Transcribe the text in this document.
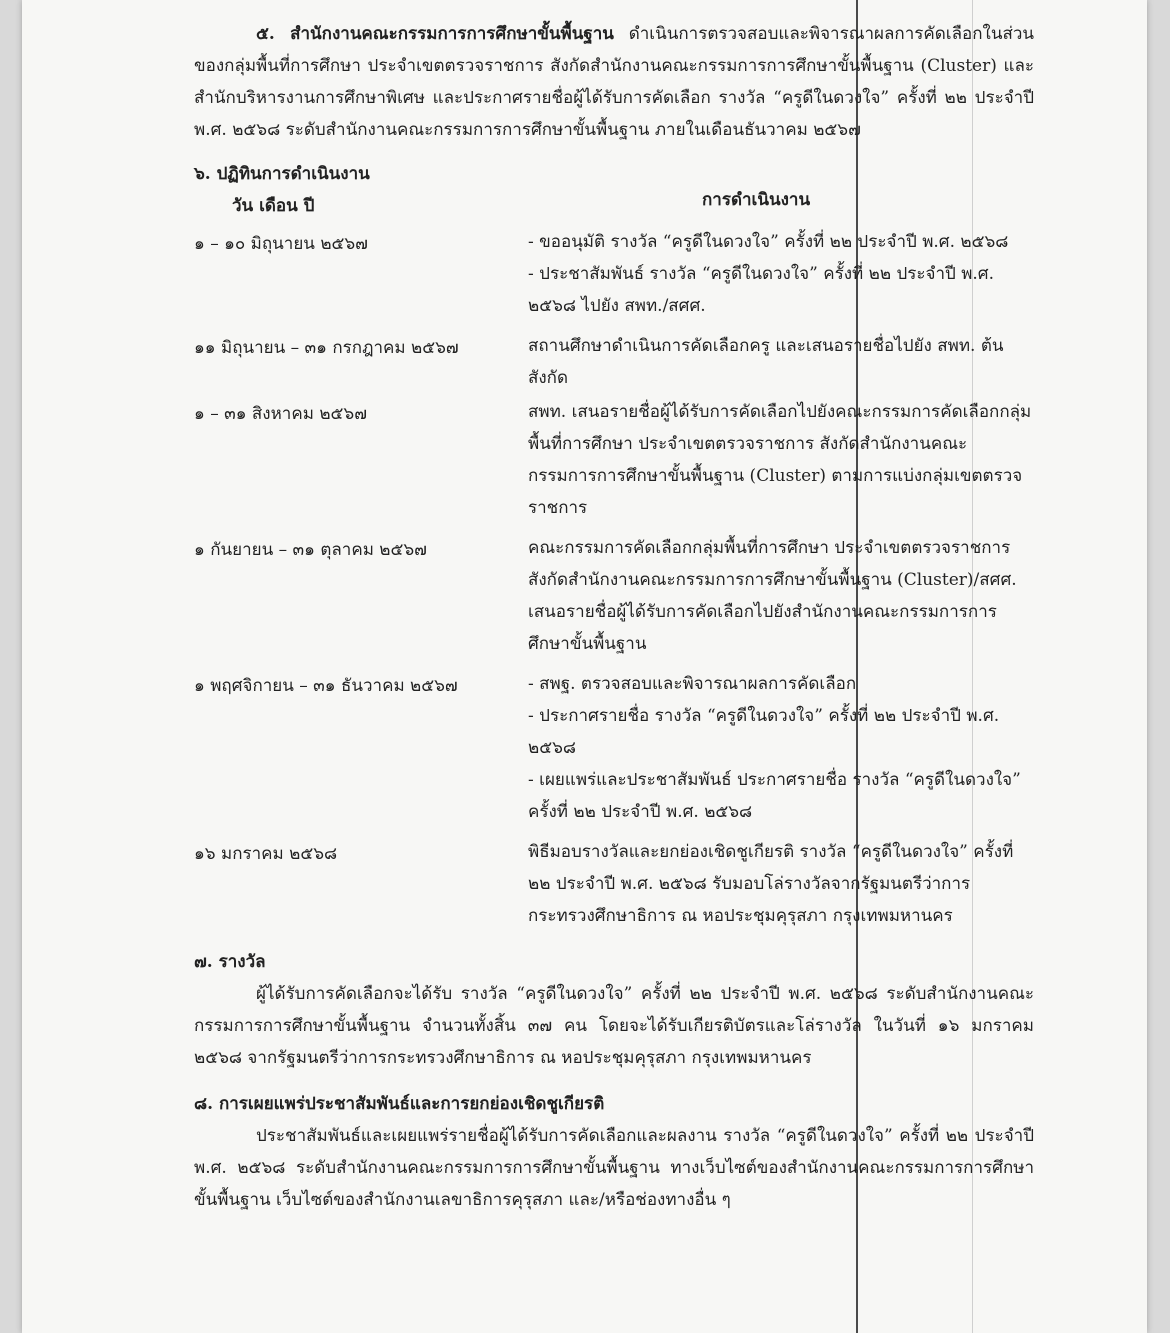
๕. สำนักงานคณะกรรมการการศึกษาขั้นพื้นฐาน ดำเนินการตรวจสอบและพิจารณาผลการคัดเลือกในส่วนของกลุ่มพื้นที่การศึกษา ประจำเขตตรวจราชการ สังกัดสำนักงานคณะกรรมการการศึกษาขั้นพื้นฐาน (Cluster) และสำนักบริหารงานการศึกษาพิเศษ และประกาศรายชื่อผู้ได้รับการคัดเลือก รางวัล “ครูดีในดวงใจ” ครั้งที่ ๒๒ ประจำปี พ.ศ. ๒๕๖๘ ระดับสำนักงานคณะกรรมการการศึกษาขั้นพื้นฐาน ภายในเดือนธันวาคม ๒๕๖๗

๖. ปฏิทินการดำเนินงาน
วัน เดือน ปี	การดำเนินงาน
๑ – ๑๐ มิถุนายน ๒๕๖๗	- ขออนุมัติ รางวัล “ครูดีในดวงใจ” ครั้งที่ ๒๒ ประจำปี พ.ศ. ๒๕๖๘
- ประชาสัมพันธ์ รางวัล “ครูดีในดวงใจ” ครั้งที่ ๒๒ ประจำปี พ.ศ. ๒๕๖๘ ไปยัง สพท./สศศ.
๑๑ มิถุนายน – ๓๑ กรกฎาคม ๒๕๖๗	สถานศึกษาดำเนินการคัดเลือกครู และเสนอรายชื่อไปยัง สพท. ต้นสังกัด
๑ – ๓๑ สิงหาคม ๒๕๖๗	สพท. เสนอรายชื่อผู้ได้รับการคัดเลือกไปยังคณะกรรมการคัดเลือกกลุ่มพื้นที่การศึกษา ประจำเขตตรวจราชการ สังกัดสำนักงานคณะกรรมการการศึกษาขั้นพื้นฐาน (Cluster) ตามการแบ่งกลุ่มเขตตรวจราชการ
๑ กันยายน – ๓๑ ตุลาคม ๒๕๖๗	คณะกรรมการคัดเลือกกลุ่มพื้นที่การศึกษา ประจำเขตตรวจราชการ สังกัดสำนักงานคณะกรรมการการศึกษาขั้นพื้นฐาน (Cluster)/สศศ. เสนอรายชื่อผู้ได้รับการคัดเลือกไปยังสำนักงานคณะกรรมการการศึกษาขั้นพื้นฐาน
๑ พฤศจิกายน – ๓๑ ธันวาคม ๒๕๖๗	- สพฐ. ตรวจสอบและพิจารณาผลการคัดเลือก
- ประกาศรายชื่อ รางวัล “ครูดีในดวงใจ” ครั้งที่ ๒๒ ประจำปี พ.ศ. ๒๕๖๘
- เผยแพร่และประชาสัมพันธ์ ประกาศรายชื่อ รางวัล “ครูดีในดวงใจ” ครั้งที่ ๒๒ ประจำปี พ.ศ. ๒๕๖๘
๑๖ มกราคม ๒๕๖๘	พิธีมอบรางวัลและยกย่องเชิดชูเกียรติ รางวัล “ครูดีในดวงใจ” ครั้งที่ ๒๒ ประจำปี พ.ศ. ๒๕๖๘ รับมอบโล่รางวัลจากรัฐมนตรีว่าการกระทรวงศึกษาธิการ ณ หอประชุมคุรุสภา กรุงเทพมหานคร
๗. รางวัล

ผู้ได้รับการคัดเลือกจะได้รับ รางวัล “ครูดีในดวงใจ” ครั้งที่ ๒๒ ประจำปี พ.ศ. ๒๕๖๘ ระดับสำนักงานคณะกรรมการการศึกษาขั้นพื้นฐาน จำนวนทั้งสิ้น ๓๗ คน โดยจะได้รับเกียรติบัตรและโล่รางวัล ในวันที่ ๑๖ มกราคม ๒๕๖๘ จากรัฐมนตรีว่าการกระทรวงศึกษาธิการ ณ หอประชุมคุรุสภา กรุงเทพมหานคร

๘. การเผยแพร่ประชาสัมพันธ์และการยกย่องเชิดชูเกียรติ

ประชาสัมพันธ์และเผยแพร่รายชื่อผู้ได้รับการคัดเลือกและผลงาน รางวัล “ครูดีในดวงใจ” ครั้งที่ ๒๒ ประจำปี พ.ศ. ๒๕๖๘ ระดับสำนักงานคณะกรรมการการศึกษาขั้นพื้นฐาน ทางเว็บไซต์ของสำนักงานคณะกรรมการการศึกษาขั้นพื้นฐาน เว็บไซต์ของสำนักงานเลขาธิการคุรุสภา และ/หรือช่องทางอื่น ๆ
